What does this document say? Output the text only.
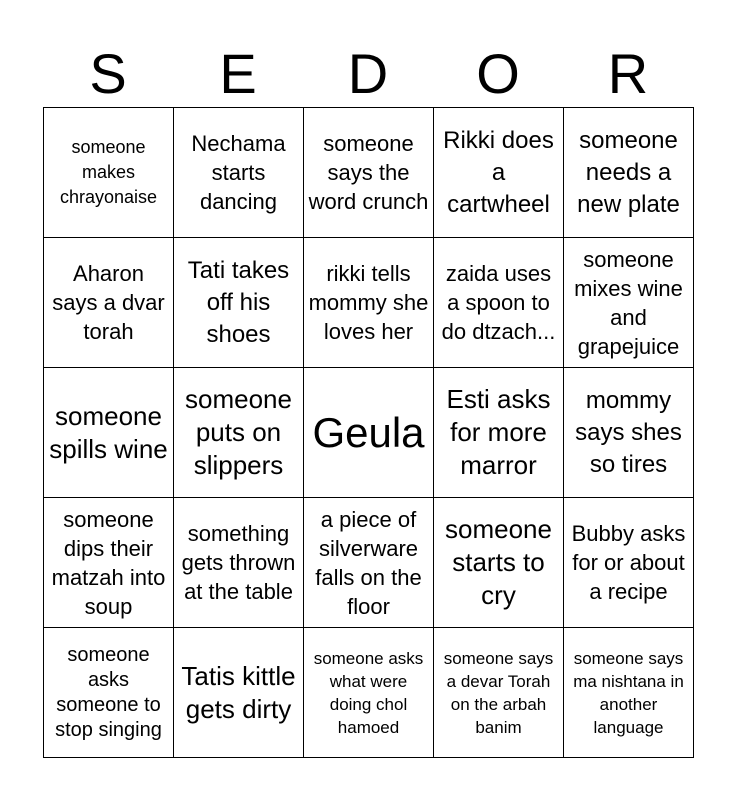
S	E	D	O	R
someone makes chrayonaise	Nechama starts dancing	someone says the word crunch	Rikki does a cartwheel	someone needs a new plate

Aharon says a dvar torah	Tati takes off his shoes	rikki tells mommy she loves her	zaida uses a spoon to do dtzach...	someone mixes wine and grapejuice

someone spills wine	someone puts on slippers	Geula	Esti asks for more marror	mommy says shes so tires

someone dips their matzah into soup	something gets thrown at the table	a piece of silverware falls on the floor	someone starts to cry	Bubby asks for or about a recipe

someone asks someone to stop singing	Tatis kittle gets dirty	someone asks what were doing chol hamoed	someone says a devar Torah on the arbah banim	someone says ma nishtana in another language
